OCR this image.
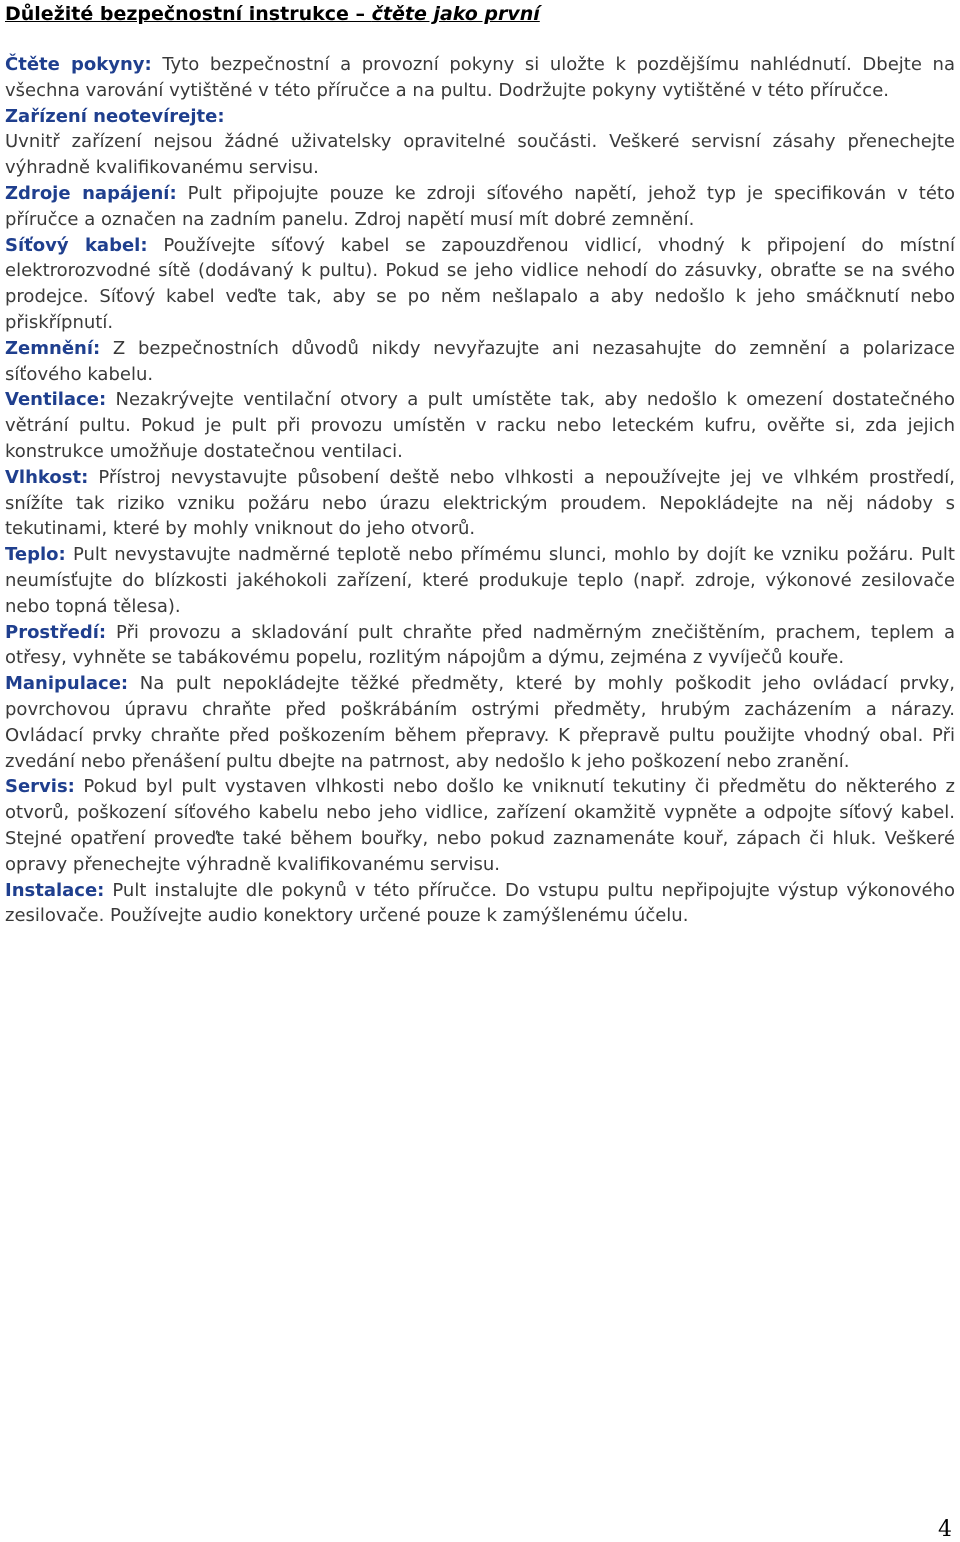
Důležité bezpečnostní instrukce – čtěte jako první

Čtěte pokyny: Tyto bezpečnostní a provozní pokyny si uložte k pozdějšímu nahlédnutí. Dbejte na všechna varování vytištěné v této příručce a na pultu. Dodržujte pokyny vytištěné v této příručce.

Zařízení neotevírejte:
Uvnitř zařízení nejsou žádné uživatelsky opravitelné součásti. Veškeré servisní zásahy přenechejte výhradně kvalifikovanému servisu.

Zdroje napájení: Pult připojujte pouze ke zdroji síťového napětí, jehož typ je specifikován v této příručce a označen na zadním panelu. Zdroj napětí musí mít dobré zemnění.

Síťový kabel: Používejte síťový kabel se zapouzdřenou vidlicí, vhodný k připojení do místní elektrorozvodné sítě (dodávaný k pultu). Pokud se jeho vidlice nehodí do zásuvky, obraťte se na svého prodejce. Síťový kabel veďte tak, aby se po něm nešlapalo a aby nedošlo k jeho smáčknutí nebo přiskřípnutí.

Zemnění: Z bezpečnostních důvodů nikdy nevyřazujte ani nezasahujte do zemnění a polarizace síťového kabelu.

Ventilace: Nezakrývejte ventilační otvory a pult umístěte tak, aby nedošlo k omezení dostatečného větrání pultu. Pokud je pult při provozu umístěn v racku nebo leteckém kufru, ověřte si, zda jejich konstrukce umožňuje dostatečnou ventilaci.

Vlhkost: Přístroj nevystavujte působení deště nebo vlhkosti a nepoužívejte jej ve vlhkém prostředí, snížíte tak riziko vzniku požáru nebo úrazu elektrickým proudem. Nepokládejte na něj nádoby s tekutinami, které by mohly vniknout do jeho otvorů.

Teplo: Pult nevystavujte nadměrné teplotě nebo přímému slunci, mohlo by dojít ke vzniku požáru. Pult neumísťujte do blízkosti jakéhokoli zařízení, které produkuje teplo (např. zdroje, výkonové zesilovače nebo topná tělesa).

Prostředí: Při provozu a skladování pult chraňte před nadměrným znečištěním, prachem, teplem a otřesy, vyhněte se tabákovému popelu, rozlitým nápojům a dýmu, zejména z vyvíječů kouře.

Manipulace: Na pult nepokládejte těžké předměty, které by mohly poškodit jeho ovládací prvky, povrchovou úpravu chraňte před poškrábáním ostrými předměty, hrubým zacházením a nárazy. Ovládací prvky chraňte před poškozením během přepravy. K přepravě pultu použijte vhodný obal. Při zvedání nebo přenášení pultu dbejte na patrnost, aby nedošlo k jeho poškození nebo zranění.

Servis: Pokud byl pult vystaven vlhkosti nebo došlo ke vniknutí tekutiny či předmětu do některého z otvorů, poškození síťového kabelu nebo jeho vidlice, zařízení okamžitě vypněte a odpojte síťový kabel. Stejné opatření proveďte také během bouřky, nebo pokud zaznamenáte kouř, zápach či hluk. Veškeré opravy přenechejte výhradně kvalifikovanému servisu.

Instalace: Pult instalujte dle pokynů v této příručce. Do vstupu pultu nepřipojujte výstup výkonového zesilovače. Používejte audio konektory určené pouze k zamýšlenému účelu.

4
